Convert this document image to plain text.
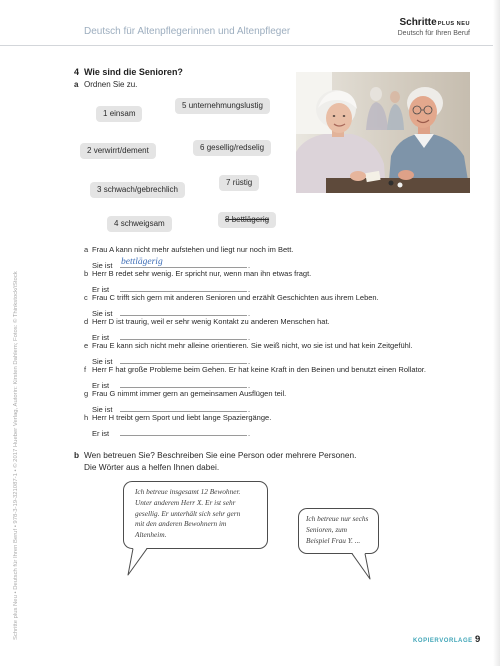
Deutsch für Altenpflegerinnen und Altenpfleger
SchrittePLUS NEU
Deutsch für Ihren Beruf
4 Wie sind die Senioren?
a Ordnen Sie zu.
1 einsam
2 verwirrt/dement
3 schwach/gebrechlich
4 schweigsam
5 unternehmungslustig
6 gesellig/redselig
7 rüstig
8 bettlägerig
a Frau A kann nicht mehr aufstehen und liegt nur noch im Bett.
Sie ist bettlägerig	.
b Herr B redet sehr wenig. Er spricht nur, wenn man ihn etwas fragt.
Er ist	.
c Frau C trifft sich gern mit anderen Senioren und erzählt Geschichten aus ihrem Leben.
Sie ist	.
d Herr D ist traurig, weil er sehr wenig Kontakt zu anderen Menschen hat.
Er ist	.
e Frau E kann sich nicht mehr alleine orientieren. Sie weiß nicht, wo sie ist und hat kein Zeitgefühl.
Sie ist	.
f Herr F hat große Probleme beim Gehen. Er hat keine Kraft in den Beinen und benutzt einen Rollator.
Er ist	.
g Frau G nimmt immer gern an gemeinsamen Ausflügen teil.
Sie ist	.
h Herr H treibt gern Sport und liebt lange Spaziergänge.
Er ist	.
b Wen betreuen Sie? Beschreiben Sie eine Person oder mehrere Personen.
Die Wörter aus a helfen Ihnen dabei.
Ich betreue insgesamt 12 Bewohner.
Unter anderem Herr X. Er ist sehr
gesellig. Er unterhält sich sehr gern
mit den anderen Bewohnern im
Altenheim.
Ich betreue nur sechs
Senioren, zum
Beispiel Frau Y. ...
KOPIERVORLAGE 9
Schritte plus Neu • Deutsch für Ihren Beruf • 978-3-19-321087-1 • © 2017 Hueber Verlag, Autorin: Kirsten Dahlem; Fotos: © Thinkstock/iStock
